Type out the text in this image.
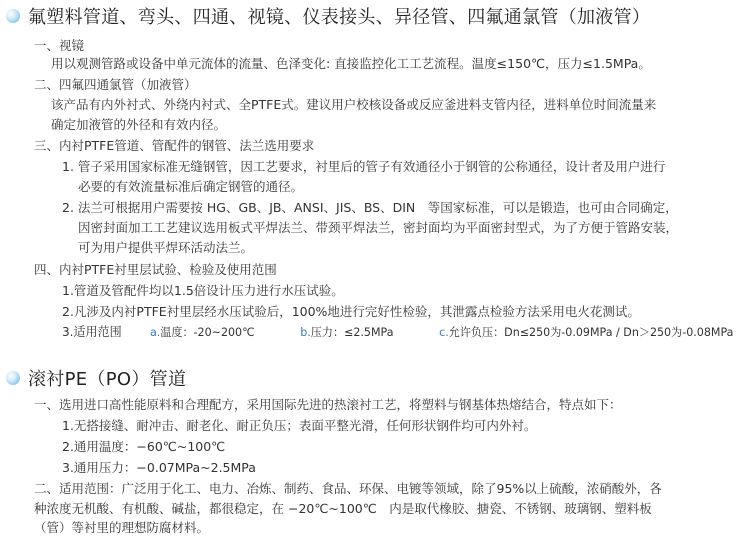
氟塑料管道、弯头、四通、视镜、仪表接头、异径管、四氟通氯管（加液管）
一、视镜
用以观测管路或设备中单元流体的流量、色泽变化: 直接监控化工工艺流程。温度≤150℃，压力≤1.5MPa。
二、四氟四通氯管（加液管）
该产品有内外衬式、外绕内衬式、全PTFE式。建议用户校核设备或反应釜进料支管内径，进料单位时间流量来
确定加液管的外径和有效内径。
三、内衬PTFE管道、管配件的钢管、法兰选用要求
1. 管子采用国家标准无缝钢管，因工艺要求，衬里后的管子有效通径小于钢管的公称通径，设计者及用户进行
必要的有效流量标准后确定钢管的通径。
2. 法兰可根据用户需要按 HG、GB、JB、ANSI、JIS、BS、DIN　等国家标准，可以是锻造，也可由合同确定，
因密封面加工工艺建议选用板式平焊法兰、带颈平焊法兰，密封面均为平面密封型式，为了方便于管路安装，
可为用户提供平焊环活动法兰。
四、内衬PTFE衬里层试验、检验及使用范围
1.管道及管配件均以1.5倍设计压力进行水压试验。
2.凡涉及内衬PTFE衬里层经水压试验后，100%地进行完好性检验，其泄露点检验方法采用电火花测试。
3.适用范围 a.温度：-20~200℃	b.压力：≤2.5MPa	c.允许负压：Dn≤250为-0.09MPa / Dn＞250为-0.08MPa
滚衬PE（PO）管道
一、选用进口高性能原料和合理配方，采用国际先进的热滚衬工艺，将塑料与钢基体热熔结合，特点如下：
1.无搭接缝、耐冲击、耐老化、耐正负压；表面平整光滑，任何形状钢件均可内外衬。
2.通用温度：−60℃~100℃
3.通用压力：−0.07MPa~2.5MPa
二、适用范围：广泛用于化工、电力、冶炼、制药、食品、环保、电镀等领域，除了95%以上硫酸，浓硝酸外，各
种浓度无机酸、有机酸、碱盐，都很稳定，在 −20℃~100℃　内是取代橡胶、搪瓷、不锈钢、玻璃钢、塑料板
（管）等衬里的理想防腐材料。
